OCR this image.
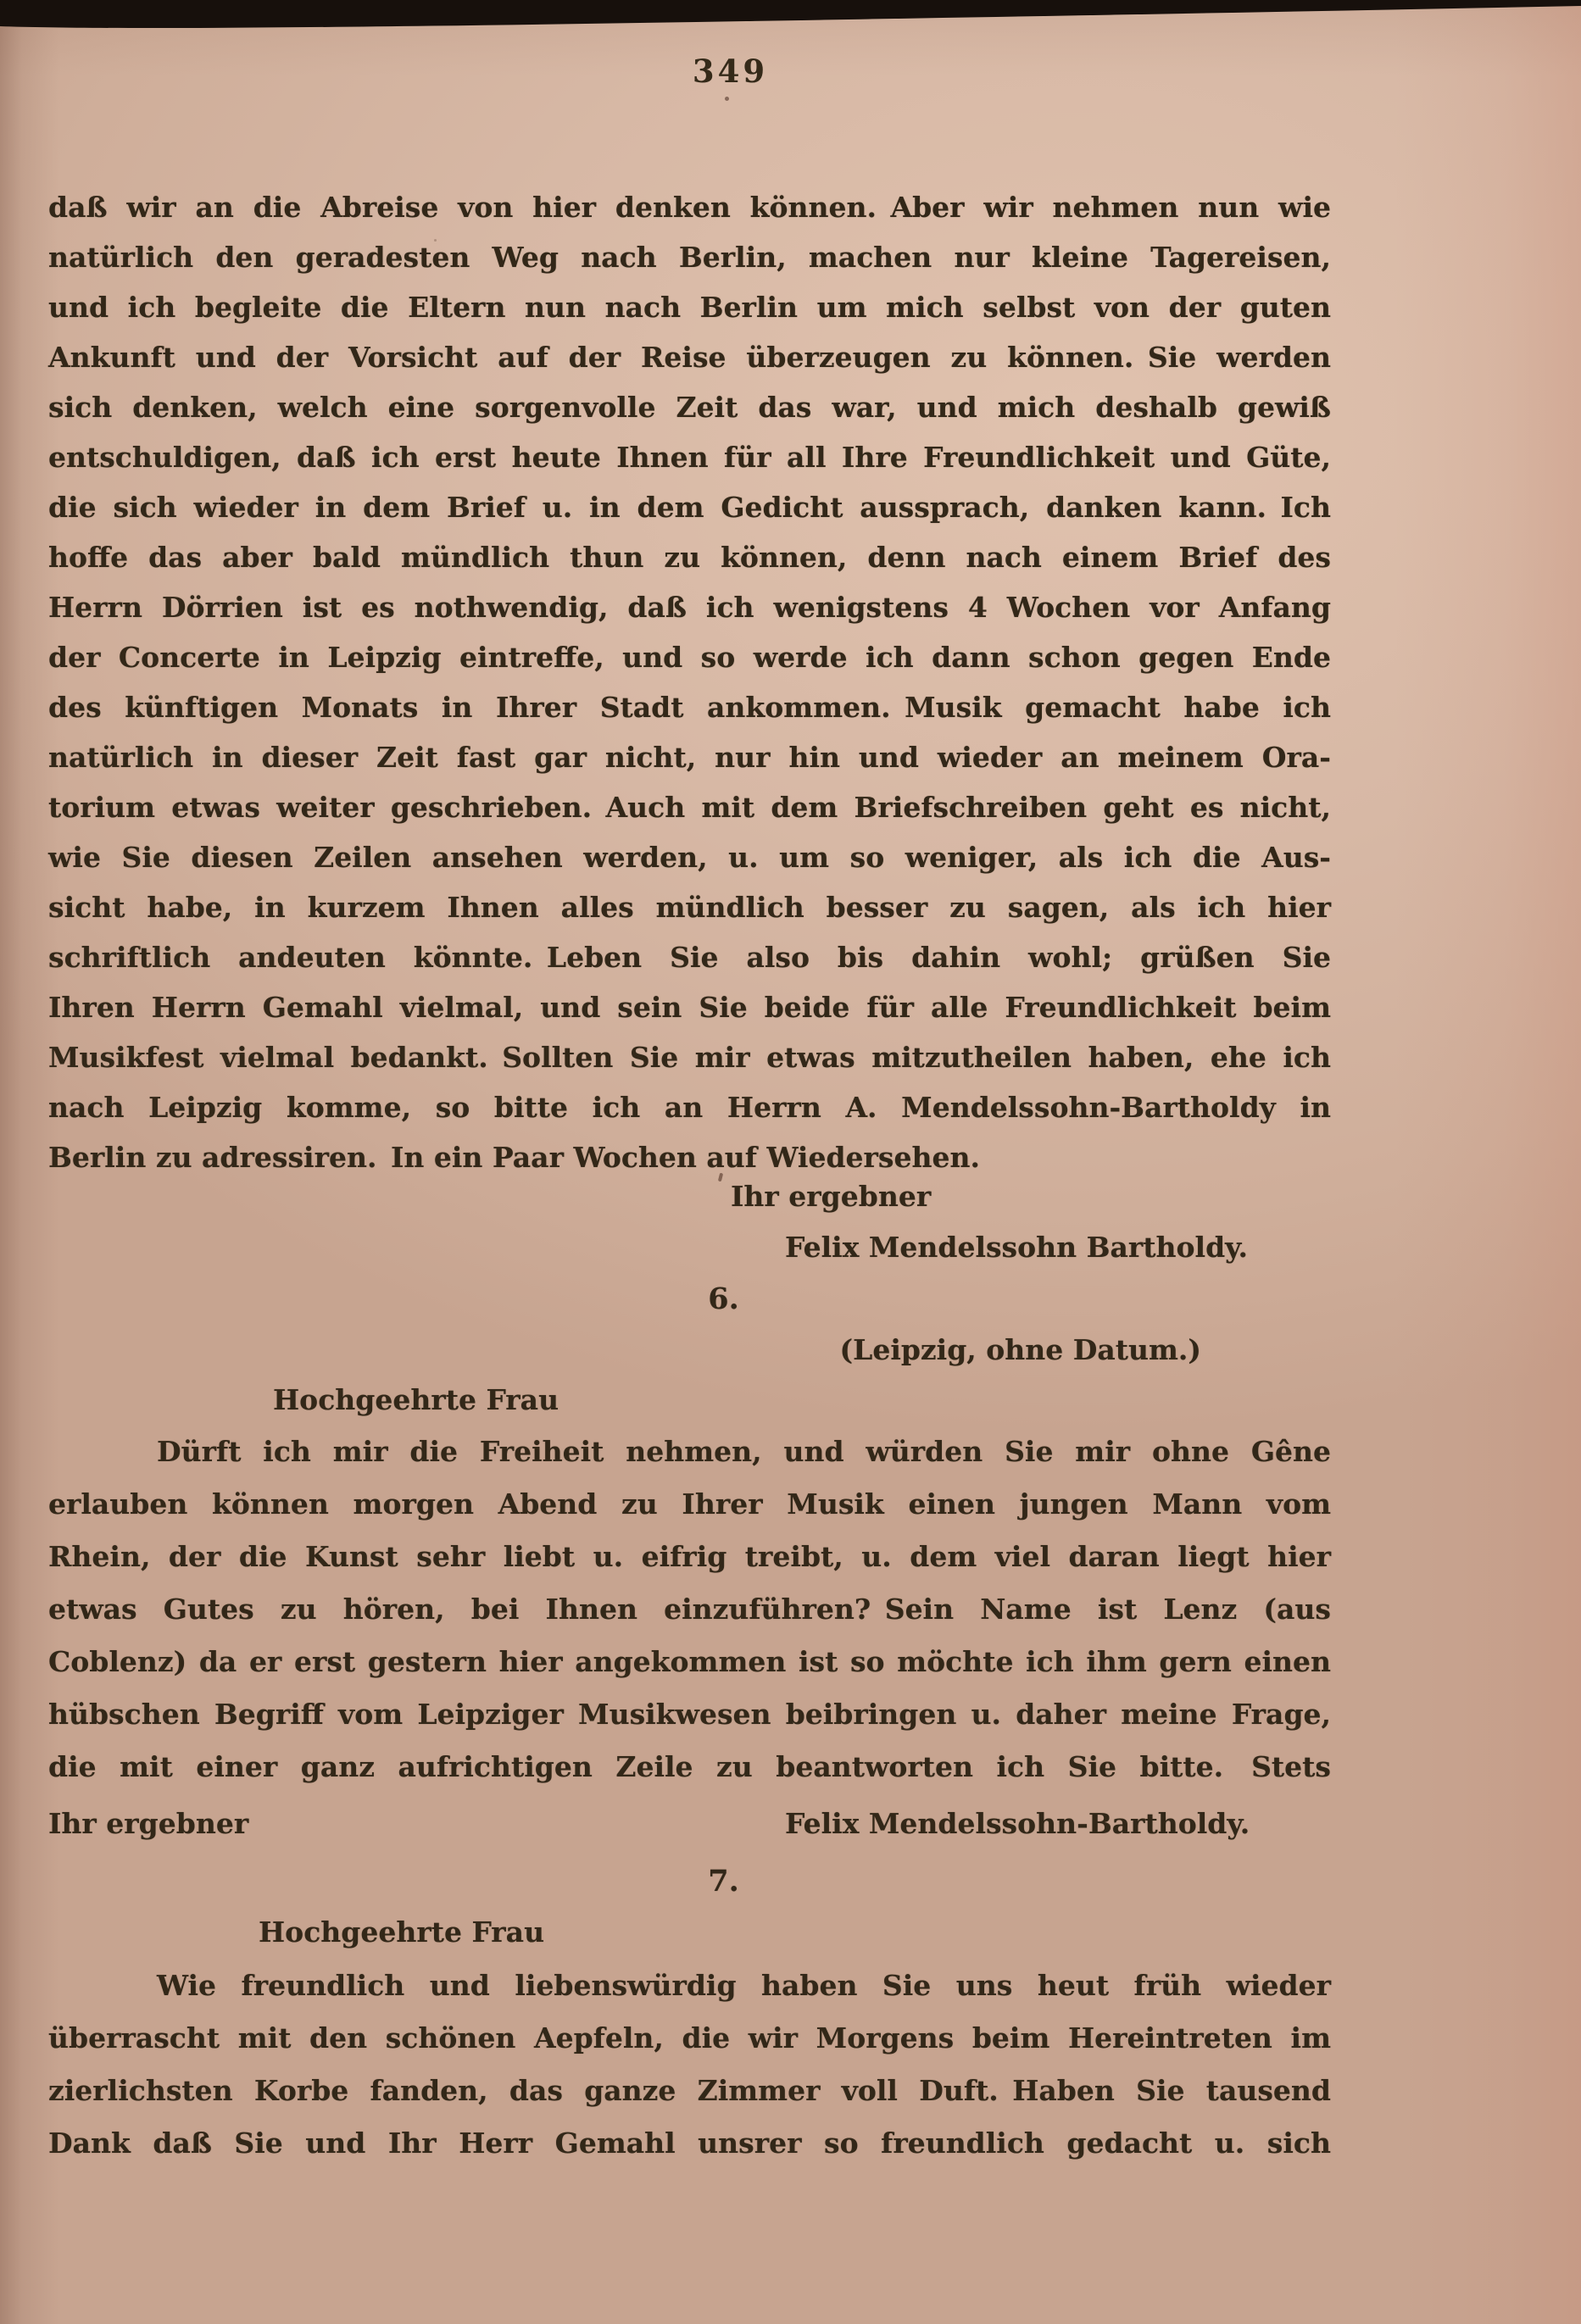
349
daß wir an die Abreise von hier denken können. Aber wir nehmen nun wie
natürlich den geradesten Weg nach Berlin, machen nur kleine Tagereisen,
und ich begleite die Eltern nun nach Berlin um mich selbst von der guten
Ankunft und der Vorsicht auf der Reise überzeugen zu können. Sie werden
sich denken, welch eine sorgenvolle Zeit das war, und mich deshalb gewiß
entschuldigen, daß ich erst heute Ihnen für all Ihre Freundlichkeit und Güte,
die sich wieder in dem Brief u. in dem Gedicht aussprach, danken kann. Ich
hoffe das aber bald mündlich thun zu können, denn nach einem Brief des
Herrn Dörrien ist es nothwendig, daß ich wenigstens 4 Wochen vor Anfang
der Concerte in Leipzig eintreffe, und so werde ich dann schon gegen Ende
des künftigen Monats in Ihrer Stadt ankommen. Musik gemacht habe ich
natürlich in dieser Zeit fast gar nicht, nur hin und wieder an meinem Ora-
torium etwas weiter geschrieben. Auch mit dem Briefschreiben geht es nicht,
wie Sie diesen Zeilen ansehen werden, u. um so weniger, als ich die Aus-
sicht habe, in kurzem Ihnen alles mündlich besser zu sagen, als ich hier
schriftlich andeuten könnte. Leben Sie also bis dahin wohl; grüßen Sie
Ihren Herrn Gemahl vielmal, und sein Sie beide für alle Freundlichkeit beim
Musikfest vielmal bedankt. Sollten Sie mir etwas mitzutheilen haben, ehe ich
nach Leipzig komme, so bitte ich an Herrn A. Mendelssohn-Bartholdy in
Berlin zu adressiren. In ein Paar Wochen auf Wiedersehen.
Ihr ergebner
Felix Mendelssohn Bartholdy.
6.
(Leipzig, ohne Datum.)
Hochgeehrte Frau
Dürft ich mir die Freiheit nehmen, und würden Sie mir ohne Gêne
erlauben können morgen Abend zu Ihrer Musik einen jungen Mann vom
Rhein, der die Kunst sehr liebt u. eifrig treibt, u. dem viel daran liegt hier
etwas Gutes zu hören, bei Ihnen einzuführen? Sein Name ist Lenz (aus
Coblenz) da er erst gestern hier angekommen ist so möchte ich ihm gern einen
hübschen Begriff vom Leipziger Musikwesen beibringen u. daher meine Frage,
die mit einer ganz aufrichtigen Zeile zu beantworten ich Sie bitte.  Stets
Ihr ergebner	Felix Mendelssohn-Bartholdy.
7.
Hochgeehrte Frau
Wie freundlich und liebenswürdig haben Sie uns heut früh wieder
überrascht mit den schönen Aepfeln, die wir Morgens beim Hereintreten im
zierlichsten Korbe fanden, das ganze Zimmer voll Duft. Haben Sie tausend
Dank daß Sie und Ihr Herr Gemahl unsrer so freundlich gedacht u. sich
